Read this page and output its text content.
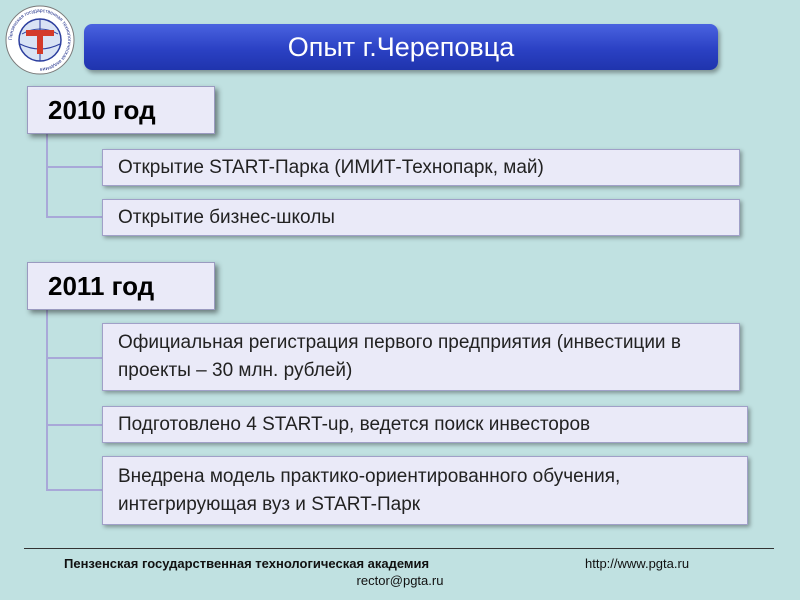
Пензенская государственная технологическая академия
Опыт г.Череповца
2010 год
Открытие START-Парка (ИМИТ-Технопарк, май)
Открытие бизнес-школы
2011 год
Официальная регистрация первого предприятия (инвестиции в проекты – 30 млн. рублей)
Подготовлено 4 START-up, ведется поиск инвесторов
Внедрена модель практико-ориентированного обучения, интегрирующая вуз и START-Парк
Пензенская государственная технологическая академия	http://www.pgta.ru
rector@pgta.ru
